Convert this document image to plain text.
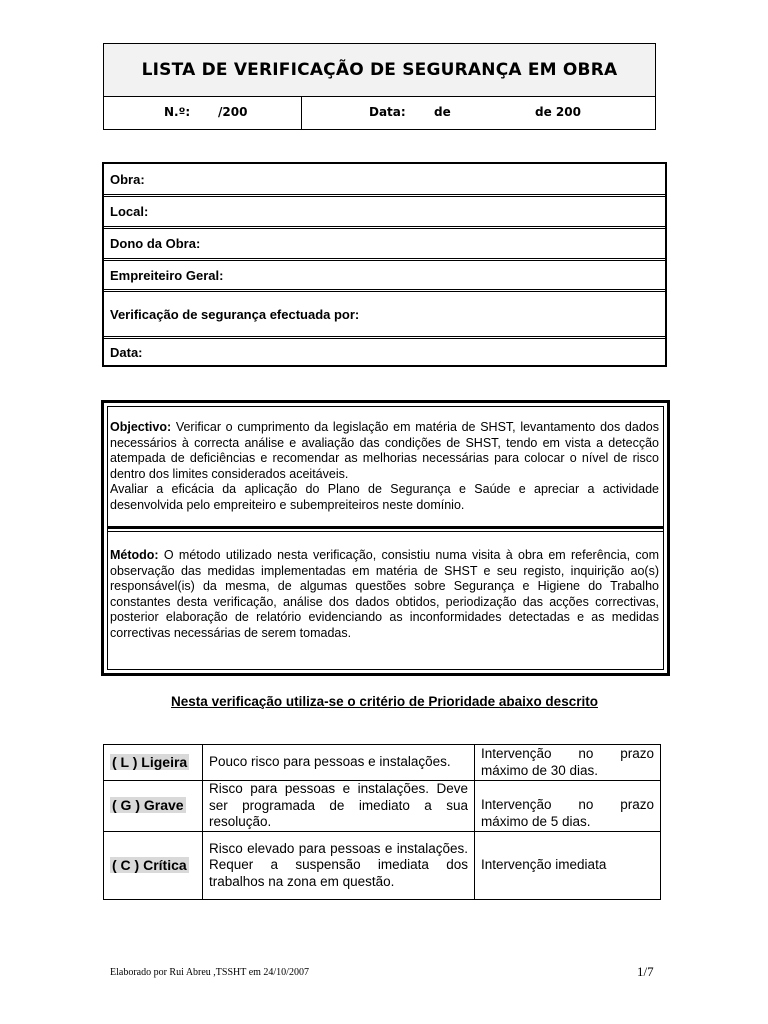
LISTA DE VERIFICAÇÃO DE SEGURANÇA EM OBRA
N.º: /200	Data: de	de 200
Obra:
Local:
Dono da Obra:
Empreiteiro Geral:
Verificação de segurança efectuada por:
Data:
Objectivo: Verificar o cumprimento da legislação em matéria de SHST, levantamento dos dados necessários à correcta análise e avaliação das condições de SHST, tendo em vista a detecção atempada de deficiências e recomendar as melhorias necessárias para colocar o nível de risco dentro dos limites considerados aceitáveis.
Avaliar a eficácia da aplicação do Plano de Segurança e Saúde e apreciar a actividade desenvolvida pelo empreiteiro e subempreiteiros neste domínio.
Método: O método utilizado nesta verificação, consistiu numa visita à obra em referência, com observação das medidas implementadas em matéria de SHST e seu registo, inquirição ao(s) responsável(is) da mesma, de algumas questões sobre Segurança e Higiene do Trabalho constantes desta verificação, análise dos dados obtidos, periodização das acções correctivas, posterior elaboração de relatório evidenciando as inconformidades detectadas e as medidas correctivas necessárias de serem tomadas.
Nesta verificação utiliza-se o critério de Prioridade abaixo descrito
( L ) Ligeira	Pouco risco para pessoas e instalações.	Intervenção no prazo máximo de 30 dias.
( G ) Grave	Risco para pessoas e instalações. Deve ser programada de imediato a sua resolução.	Intervenção no prazo máximo de 5 dias.
( C ) Crítica	Risco elevado para pessoas e instalações. Requer a suspensão imediata dos trabalhos na zona em questão.	Intervenção imediata
Elaborado por Rui Abreu ,TSSHT em 24/10/2007	1/7
